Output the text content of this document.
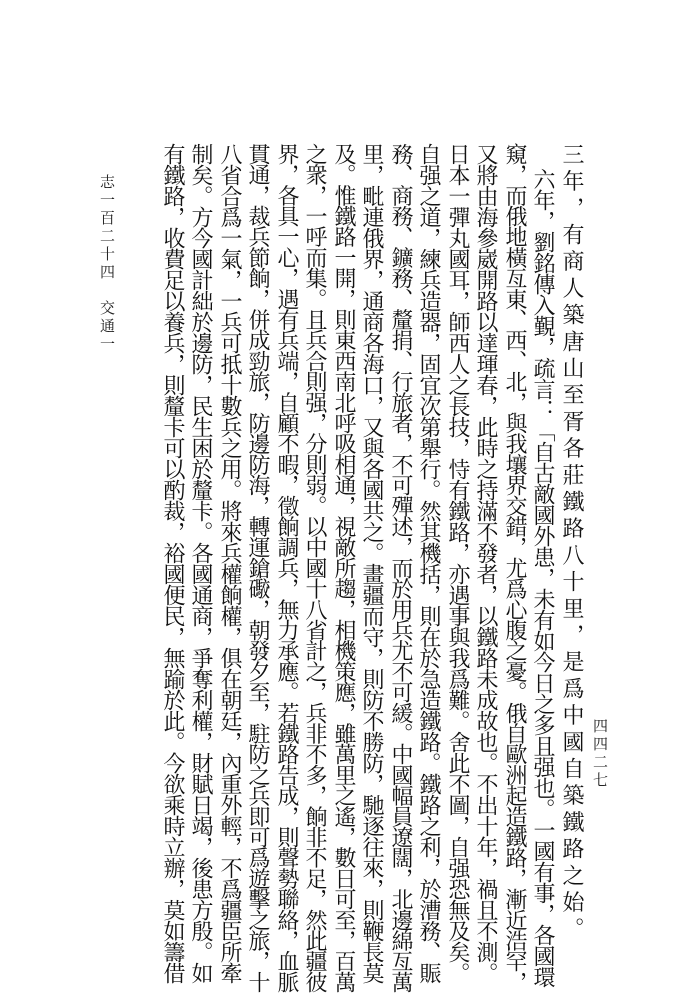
志一百二十四
交通一
四四二七
三年，有商人築唐山至胥各莊鐵路八十里，是爲中國自築鐵路之始。
六年，劉銘傳入覲，疏言：「自古敵國外患，未有如今日之多且强也。一國有事，各國環
窺，而俄地橫亙東、西、北，與我壤界交錯，尤爲心腹之憂。俄自歐洲起造鐵路，漸近浩罕，
又將由海參崴開路以達琿春，此時之持滿不發者，以鐵路未成故也。不出十年，禍且不測。
日本一彈丸國耳，師西人之長技，恃有鐵路，亦遇事與我爲難。舍此不圖，自强恐無及矣。
自强之道，練兵造器，固宜次第舉行。然其機括，則在於急造鐵路。鐵路之利，於漕務、賑
務、商務、鑛務、釐捐、行旅者，不可殫述，而於用兵尤不可緩。中國幅員遼闊，北邊綿亙萬
里，毗連俄界，通商各海口，又與各國共之。畫疆而守，則防不勝防，馳逐往來，則鞭長莫
及。惟鐵路一開，則東西南北呼吸相通，視敵所趨，相機策應，雖萬里之遙，數日可至，百萬
之衆，一呼而集。且兵合則强，分則弱。以中國十八省計之，兵非不多，餉非不足，然此疆彼
界，各具一心，遇有兵端，自顧不暇，徵餉調兵，無力承應。若鐵路告成，則聲勢聯絡，血脈
貫通，裁兵節餉，併成勁旅，防邊防海，轉運鎗礮，朝發夕至，駐防之兵即可爲遊擊之旅，十
八省合爲一氣，一兵可抵十數兵之用。將來兵權餉權，俱在朝廷，內重外輕，不爲疆臣所牽
制矣。方今國計絀於邊防，民生困於釐卡。各國通商，爭奪利權，財賦日竭，後患方殷。如
有鐵路，收費足以養兵，則釐卡可以酌裁，裕國便民，無踰於此。今欲乘時立辦，莫如籌借
